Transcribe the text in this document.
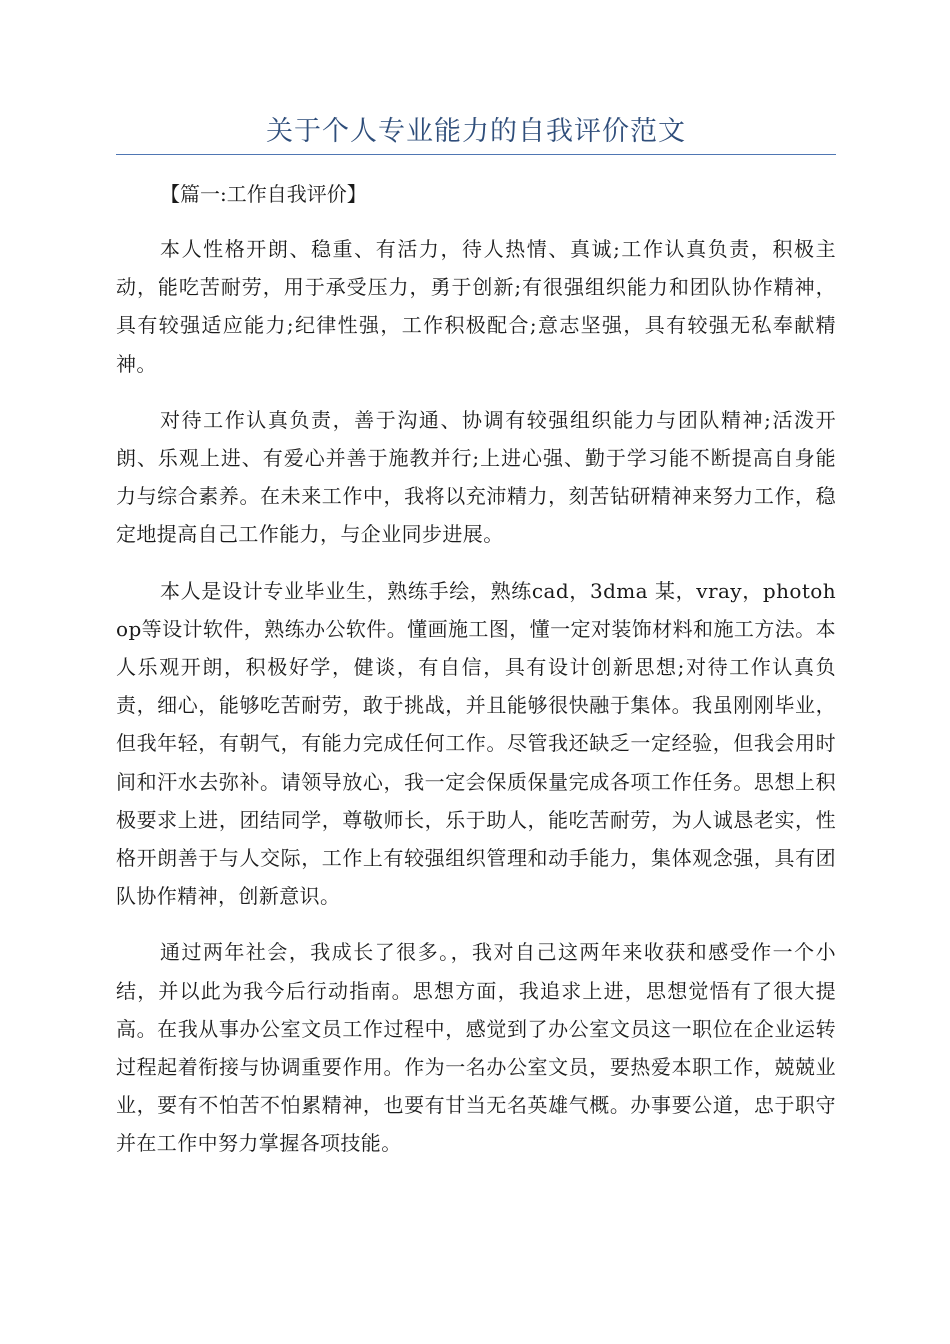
关于个人专业能力的自我评价范文
【篇一:工作自我评价】

本人性格开朗、稳重、有活力，待人热情、真诚;工作认真负责，积极主动，能吃苦耐劳，用于承受压力，勇于创新;有很强组织能力和团队协作精神，具有较强适应能力;纪律性强，工作积极配合;意志坚强，具有较强无私奉献精神。

对待工作认真负责，善于沟通、协调有较强组织能力与团队精神;活泼开朗、乐观上进、有爱心并善于施教并行;上进心强、勤于学习能不断提高自身能力与综合素养。在未来工作中，我将以充沛精力，刻苦钻研精神来努力工作，稳定地提高自己工作能力，与企业同步进展。

本人是设计专业毕业生，熟练手绘，熟练cad，3dma 某，vray，photohop等设计软件，熟练办公软件。懂画施工图，懂一定对装饰材料和施工方法。本人乐观开朗，积极好学，健谈，有自信，具有设计创新思想;对待工作认真负责，细心，能够吃苦耐劳，敢于挑战，并且能够很快融于集体。我虽刚刚毕业，但我年轻，有朝气，有能力完成任何工作。尽管我还缺乏一定经验，但我会用时间和汗水去弥补。请领导放心，我一定会保质保量完成各项工作任务。思想上积极要求上进，团结同学，尊敬师长，乐于助人，能吃苦耐劳，为人诚恳老实，性格开朗善于与人交际，工作上有较强组织管理和动手能力，集体观念强，具有团队协作精神，创新意识。

通过两年社会，我成长了很多。，我对自己这两年来收获和感受作一个小结，并以此为我今后行动指南。思想方面，我追求上进，思想觉悟有了很大提高。在我从事办公室文员工作过程中，感觉到了办公室文员这一职位在企业运转过程起着衔接与协调重要作用。作为一名办公室文员，要热爱本职工作，兢兢业业，要有不怕苦不怕累精神，也要有甘当无名英雄气概。办事要公道，忠于职守并在工作中努力掌握各项技能。
